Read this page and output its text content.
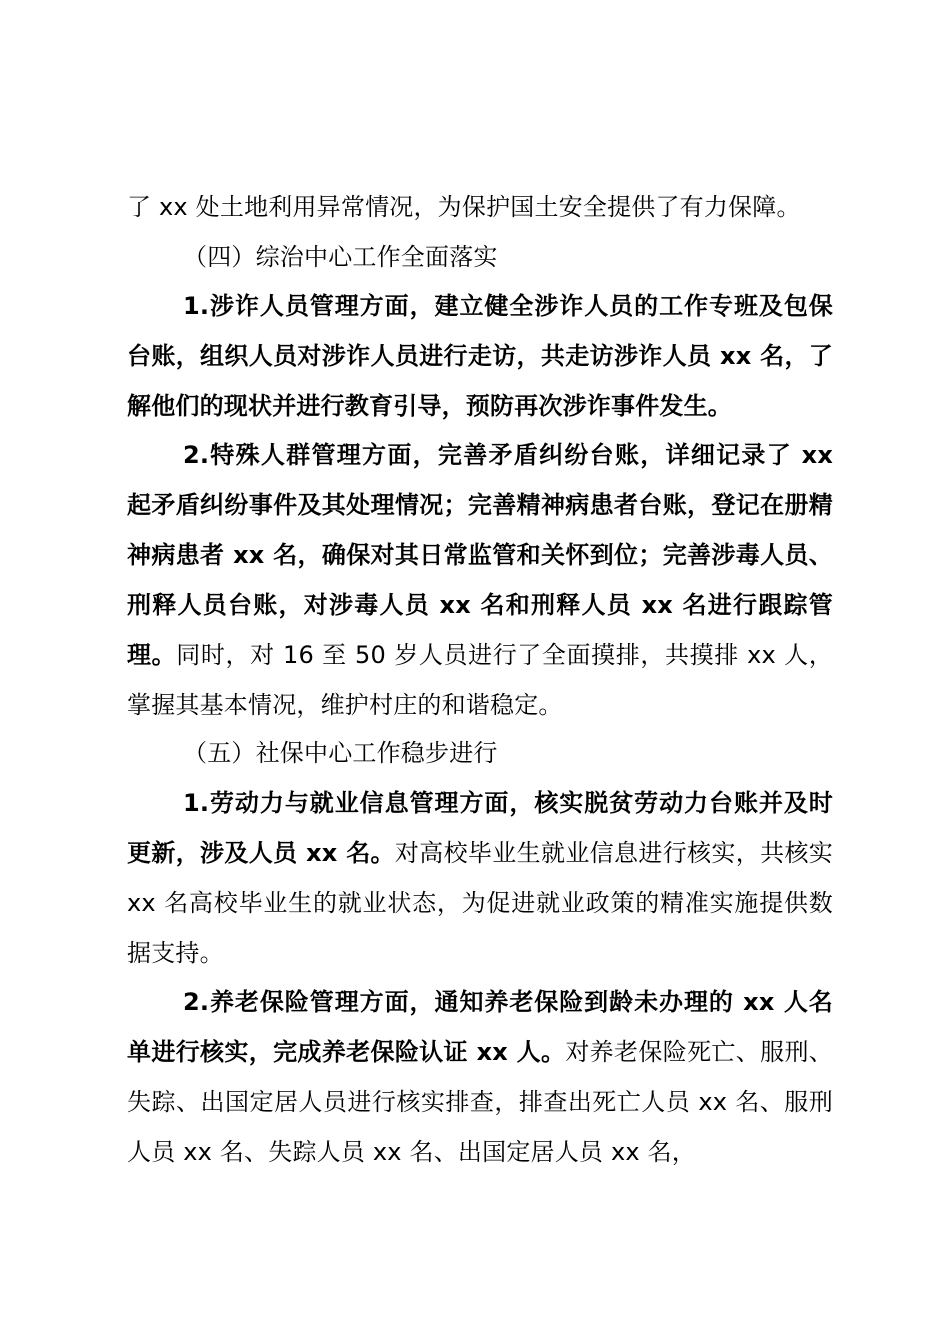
了 xx 处土地利用异常情况，为保护国土安全提供了有力保障。

（四）综治中心工作全面落实

1.涉诈人员管理方面，建立健全涉诈人员的工作专班及包保台账，组织人员对涉诈人员进行走访，共走访涉诈人员 xx 名，了解他们的现状并进行教育引导，预防再次涉诈事件发生。

2.特殊人群管理方面，完善矛盾纠纷台账，详细记录了 xx 起矛盾纠纷事件及其处理情况；完善精神病患者台账，登记在册精神病患者 xx 名，确保对其日常监管和关怀到位；完善涉毒人员、刑释人员台账，对涉毒人员 xx 名和刑释人员 xx 名进行跟踪管理。同时，对 16 至 50 岁人员进行了全面摸排，共摸排 xx 人，掌握其基本情况，维护村庄的和谐稳定。

（五）社保中心工作稳步进行

1.劳动力与就业信息管理方面，核实脱贫劳动力台账并及时更新，涉及人员 xx 名。对高校毕业生就业信息进行核实，共核实 xx 名高校毕业生的就业状态，为促进就业政策的精准实施提供数据支持。

2.养老保险管理方面，通知养老保险到龄未办理的 xx 人名单进行核实，完成养老保险认证 xx 人。对养老保险死亡、服刑、失踪、出国定居人员进行核实排查，排查出死亡人员 xx 名、服刑人员 xx 名、失踪人员 xx 名、出国定居人员 xx 名，
